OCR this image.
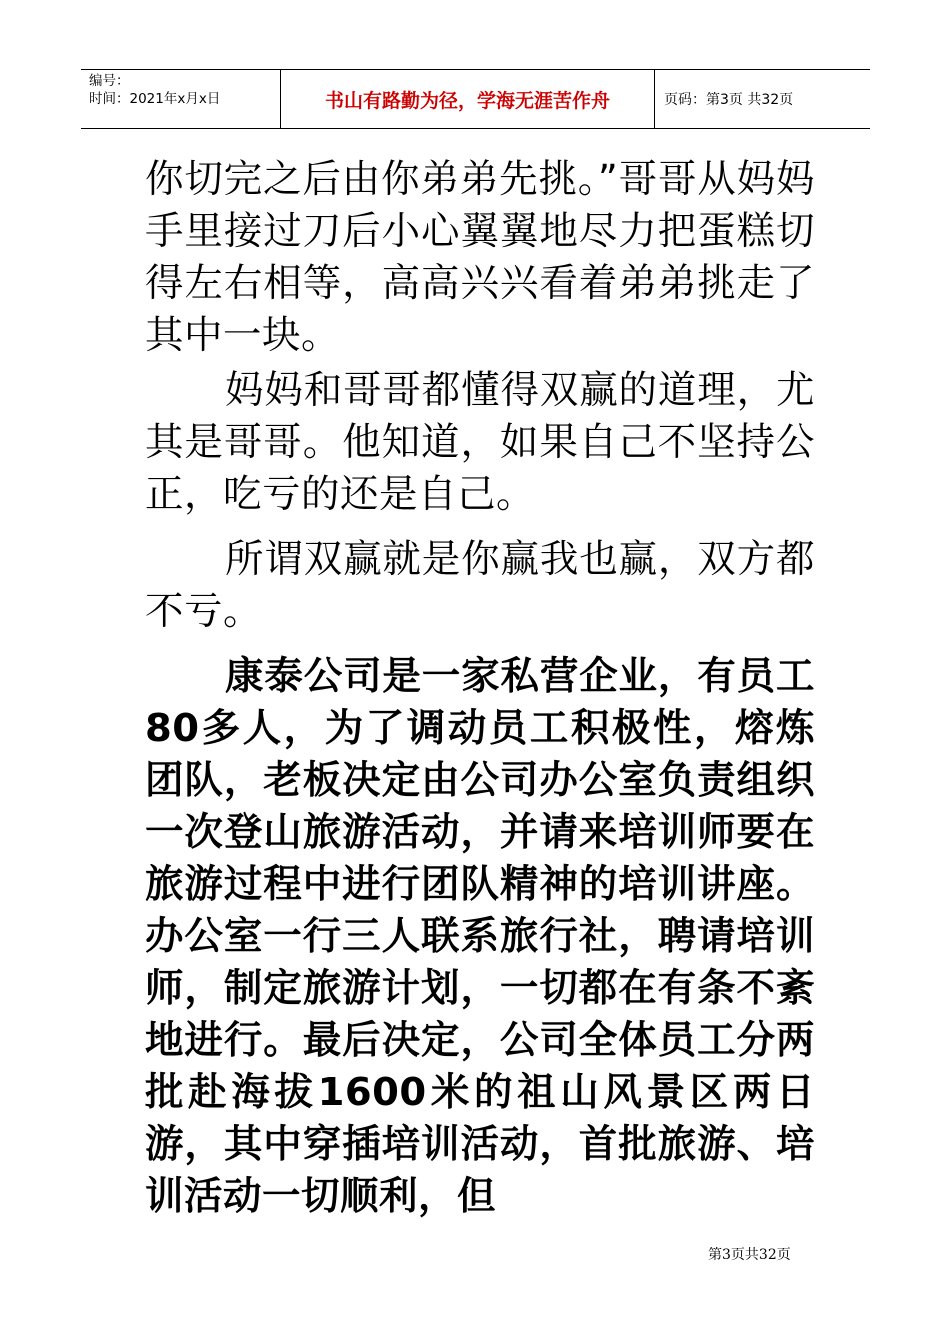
编号：
时间：2021年x月x日	书山有路勤为径，学海无涯苦作舟	页码：第3页 共32页

你切完之后由你弟弟先挑。”哥哥从妈妈手里接过刀后小心翼翼地尽力把蛋糕切得左右相等，高高兴兴看着弟弟挑走了其中一块。

妈妈和哥哥都懂得双赢的道理，尤其是哥哥。他知道，如果自己不坚持公正，吃亏的还是自己。

所谓双赢就是你赢我也赢，双方都不亏。

康泰公司是一家私营企业，有员工80多人，为了调动员工积极性，熔炼团队，老板决定由公司办公室负责组织一次登山旅游活动，并请来培训师要在旅游过程中进行团队精神的培训讲座。办公室一行三人联系旅行社，聘请培训师，制定旅游计划，一切都在有条不紊地进行。最后决定，公司全体员工分两批赴海拔1600米的祖山风景区两日游，其中穿插培训活动，首批旅游、培训活动一切顺利，但

第3页共32页
